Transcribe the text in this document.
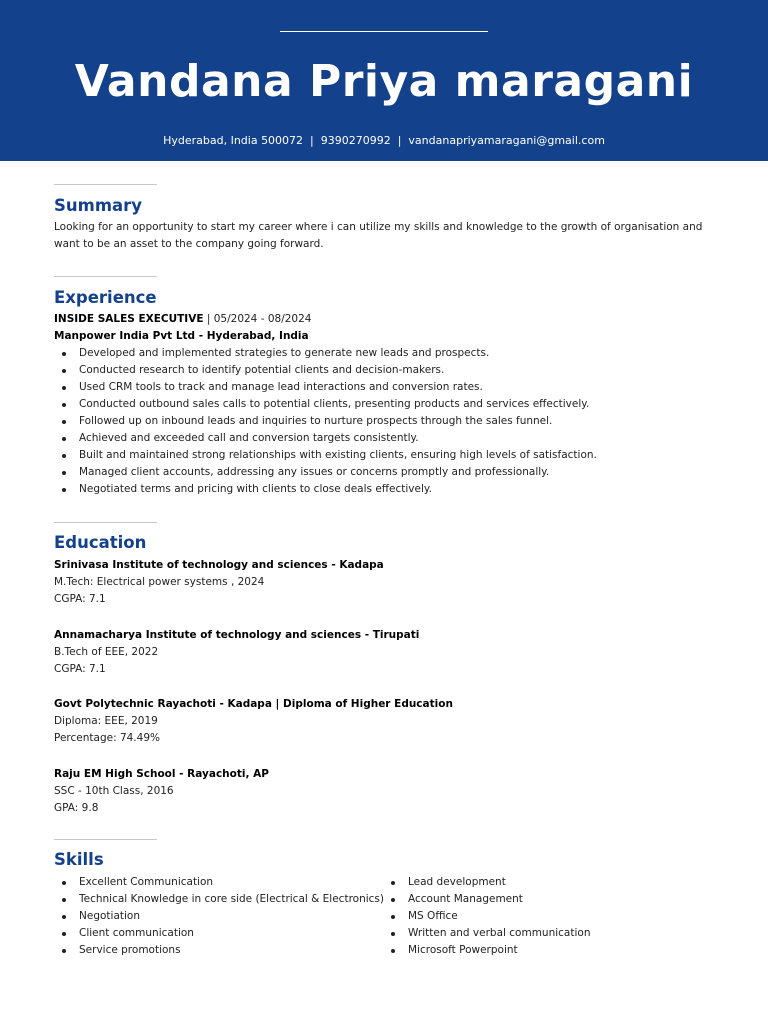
Vandana Priya maragani
Hyderabad, India 500072  |  9390270992  |  vandanapriyamaragani@gmail.com
Summary
Looking for an opportunity to start my career where i can utilize my skills and knowledge to the growth of organisation and want to be an asset to the company going forward.
Experience
INSIDE SALES EXECUTIVE | 05/2024 - 08/2024
Manpower India Pvt Ltd - Hyderabad, India
Developed and implemented strategies to generate new leads and prospects.
Conducted research to identify potential clients and decision-makers.
Used CRM tools to track and manage lead interactions and conversion rates.
Conducted outbound sales calls to potential clients, presenting products and services effectively.
Followed up on inbound leads and inquiries to nurture prospects through the sales funnel.
Achieved and exceeded call and conversion targets consistently.
Built and maintained strong relationships with existing clients, ensuring high levels of satisfaction.
Managed client accounts, addressing any issues or concerns promptly and professionally.
Negotiated terms and pricing with clients to close deals effectively.
Education
Srinivasa Institute of technology and sciences - Kadapa
M.Tech: Electrical power systems , 2024
CGPA: 7.1
Annamacharya Institute of technology and sciences - Tirupati
B.Tech of EEE, 2022
CGPA: 7.1
Govt Polytechnic Rayachoti - Kadapa | Diploma of Higher Education
Diploma: EEE, 2019
Percentage: 74.49%
Raju EM High School - Rayachoti, AP
SSC - 10th Class, 2016
GPA: 9.8
Skills
Excellent Communication
Technical Knowledge in core side (Electrical & Electronics)
Negotiation
Client communication
Service promotions
Lead development
Account Management
MS Office
Written and verbal communication
Microsoft Powerpoint
